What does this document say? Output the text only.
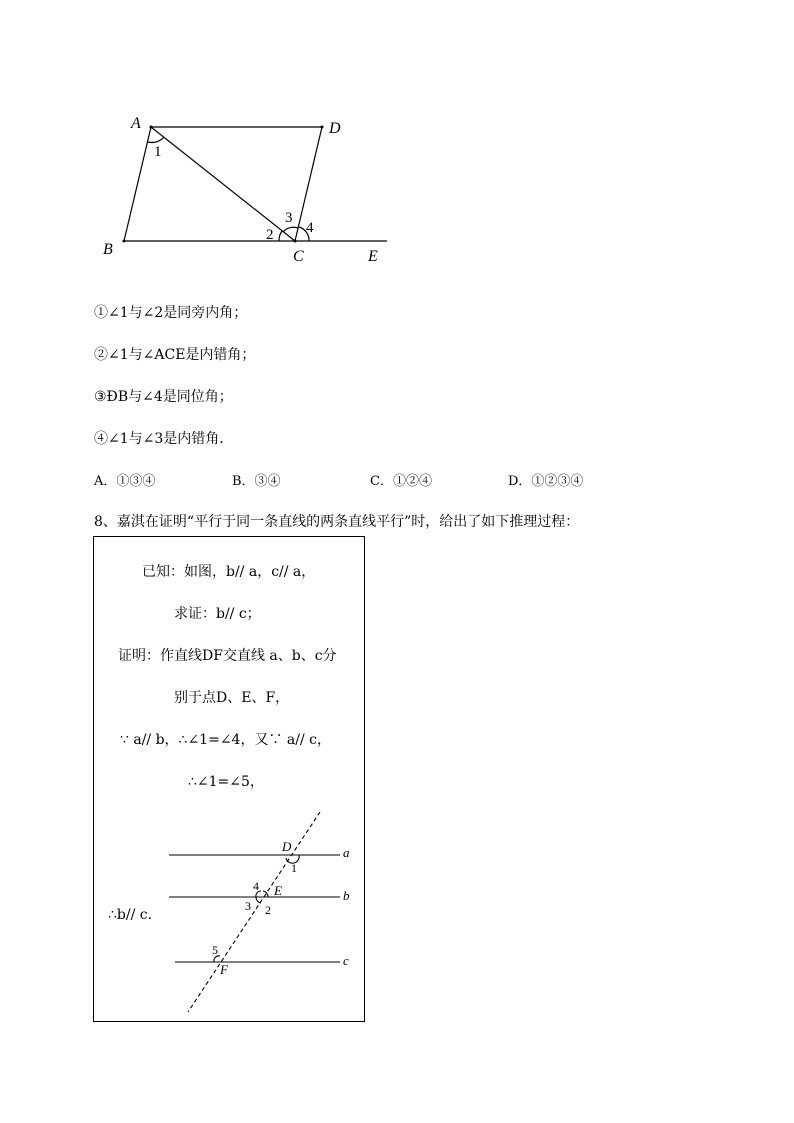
A	D
B	C	E
1
2
3
4
①∠1与∠2是同旁内角；
②∠1与∠ACE是内错角；
③ÐB与∠4是同位角；
④∠1与∠3是内错角．
A．①③④	B．③④	C．①②④	D．①②③④
8、嘉淇在证明“平行于同一条直线的两条直线平行”时，给出了如下推理过程：
已知：如图，b// a，c// a，
求证：b// c；
证明：作直线DF交直线 a、b、c分
别于点D、E、F，
∵ a// b，∴∠1=∠4，又∵ a// c，
∴∠1=∠5，
∴b// c．
D
1
a
4 E	b
3 2
5
c
F
